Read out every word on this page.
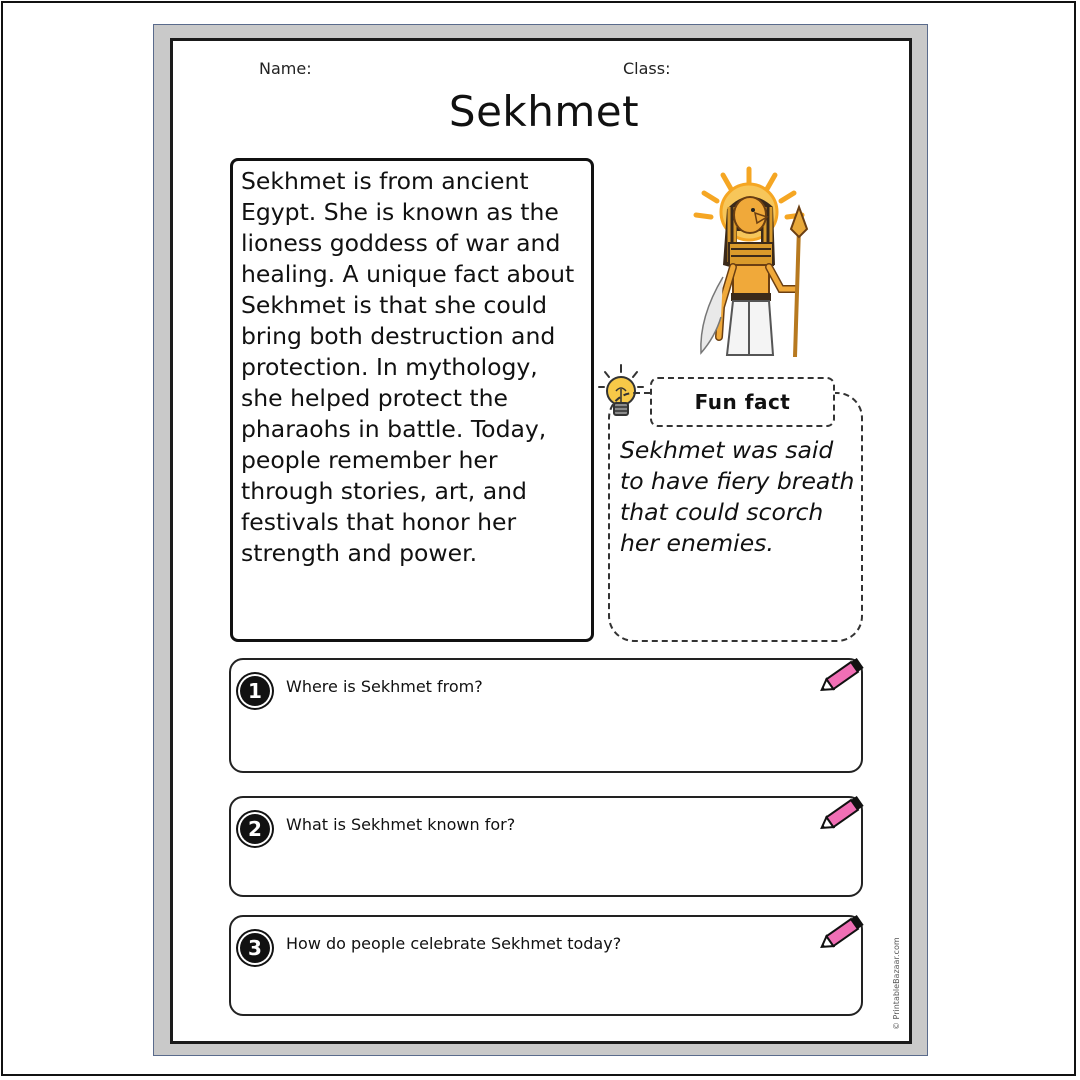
Name:	Class:
Sekhmet

Sekhmet is from ancient Egypt. She is known as the lioness goddess of war and healing. A unique fact about Sekhmet is that she could bring both destruction and protection. In mythology, she helped protect the pharaohs in battle. Today, people remember her through stories, art, and festivals that honor her strength and power.

Fun fact

Sekhmet was said to have fiery breath that could scorch her enemies.

1	Where is Sekhmet from?
2	What is Sekhmet known for?
3	How do people celebrate Sekhmet today?	© PrintableBazaar.com
